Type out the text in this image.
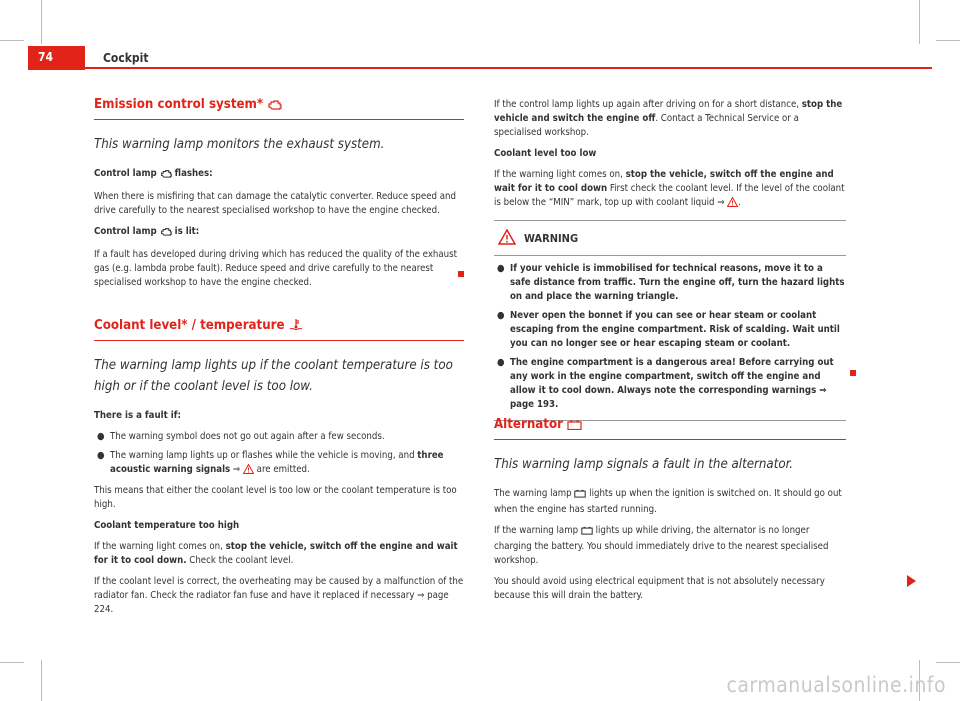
74	Cockpit
Emission control system*
This warning lamp monitors the exhaust system.

Control lamp flashes:

When there is misfiring that can damage the catalytic converter. Reduce speed and drive carefully to the nearest specialised workshop to have the engine checked.

Control lamp is lit:

If a fault has developed during driving which has reduced the quality of the exhaust gas (e.g. lambda probe fault). Reduce speed and drive carefully to the nearest specialised workshop to have the engine checked.

Coolant level* / temperature
The warning lamp lights up if the coolant temperature is too high or if the coolant level is too low.

There is a fault if:

● The warning symbol does not go out again after a few seconds.
● The warning lamp lights up or flashes while the vehicle is moving, and three acoustic warning signals ⇒  are emitted.

This means that either the coolant level is too low or the coolant temperature is too high.

Coolant temperature too high

If the warning light comes on, stop the vehicle, switch off the engine and wait for it to cool down. Check the coolant level.

If the coolant level is correct, the overheating may be caused by a malfunction of the radiator fan. Check the radiator fan fuse and have it replaced if necessary ⇒ page 224.

If the control lamp lights up again after driving on for a short distance, stop the vehicle and switch the engine off. Contact a Technical Service or a specialised workshop.

Coolant level too low

If the warning light comes on, stop the vehicle, switch off the engine and wait for it to cool down First check the coolant level. If the level of the coolant is below the “MIN” mark, top up with coolant liquid ⇒ .

WARNING

● If your vehicle is immobilised for technical reasons, move it to a safe distance from traffic. Turn the engine off, turn the hazard lights on and place the warning triangle.

● Never open the bonnet if you can see or hear steam or coolant escaping from the engine compartment. Risk of scalding. Wait until you can no longer see or hear escaping steam or coolant.

● The engine compartment is a dangerous area! Before carrying out any work in the engine compartment, switch off the engine and allow it to cool down. Always note the corresponding warnings ⇒ page 193.

Alternator
This warning lamp signals a fault in the alternator.

The warning lamp lights up when the ignition is switched on. It should go out when the engine has started running.

If the warning lamp lights up while driving, the alternator is no longer charging the battery. You should immediately drive to the nearest specialised workshop.

You should avoid using electrical equipment that is not absolutely necessary because this will drain the battery.

carmanualsonline.info
